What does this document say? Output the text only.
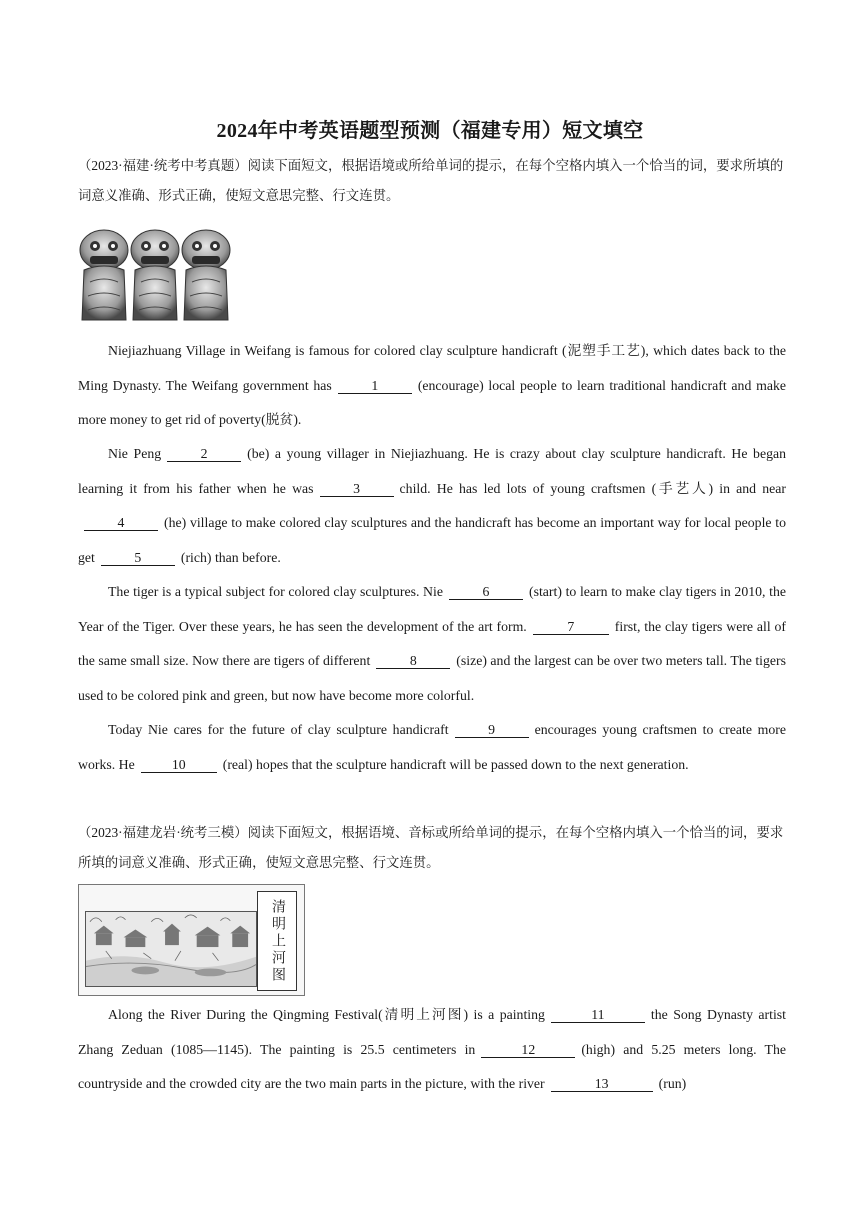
2024年中考英语题型预测（福建专用）短文填空
（2023·福建·统考中考真题）阅读下面短文，根据语境或所给单词的提示，在每个空格内填入一个恰当的词，要求所填的词意义准确、形式正确，使短文意思完整、行文连贯。

Niejiazhuang Village in Weifang is famous for colored clay sculpture handicraft (泥塑手工艺), which dates back to the Ming Dynasty. The Weifang government has	1	(encourage) local people to learn traditional handicraft and make more money to get rid of poverty(脱贫).

Nie Peng	2	(be) a young villager in Niejiazhuang. He is crazy about clay sculpture handicraft. He began learning it from his father when he was	3	child. He has led lots of young craftsmen (手艺人) in and near4	(he) village to make colored clay sculptures and the handicraft has become an important way for local people to get	5	(rich) than before.

The tiger is a typical subject for colored clay sculptures. Nie	6	(start) to learn to make clay tigers in 2010, the Year of the Tiger. Over these years, he has seen the development of the art form.	7	first, the clay tigers were all of the same small size. Now there are tigers of different	8	(size) and the largest can be over two meters tall. The tigers used to be colored pink and green, but now have become more colorful.

Today Nie cares for the future of clay sculpture handicraft	9	encourages young craftsmen to create more works. He	10	(real) hopes that the sculpture handicraft will be passed down to the next generation.

（2023·福建龙岩·统考三模）阅读下面短文，根据语境、音标或所给单词的提示，在每个空格内填入一个恰当的词，要求所填的词意义准确、形式正确，使短文意思完整、行文连贯。
清明上河图

Along the River During the Qingming Festival(清明上河图) is a painting	11	the Song Dynasty artist Zhang Zeduan (1085—1145). The painting is 25.5 centimeters in	12	(high) and 5.25 meters long. The countryside and the crowded city are the two main parts in the picture, with the river	13	(run)
